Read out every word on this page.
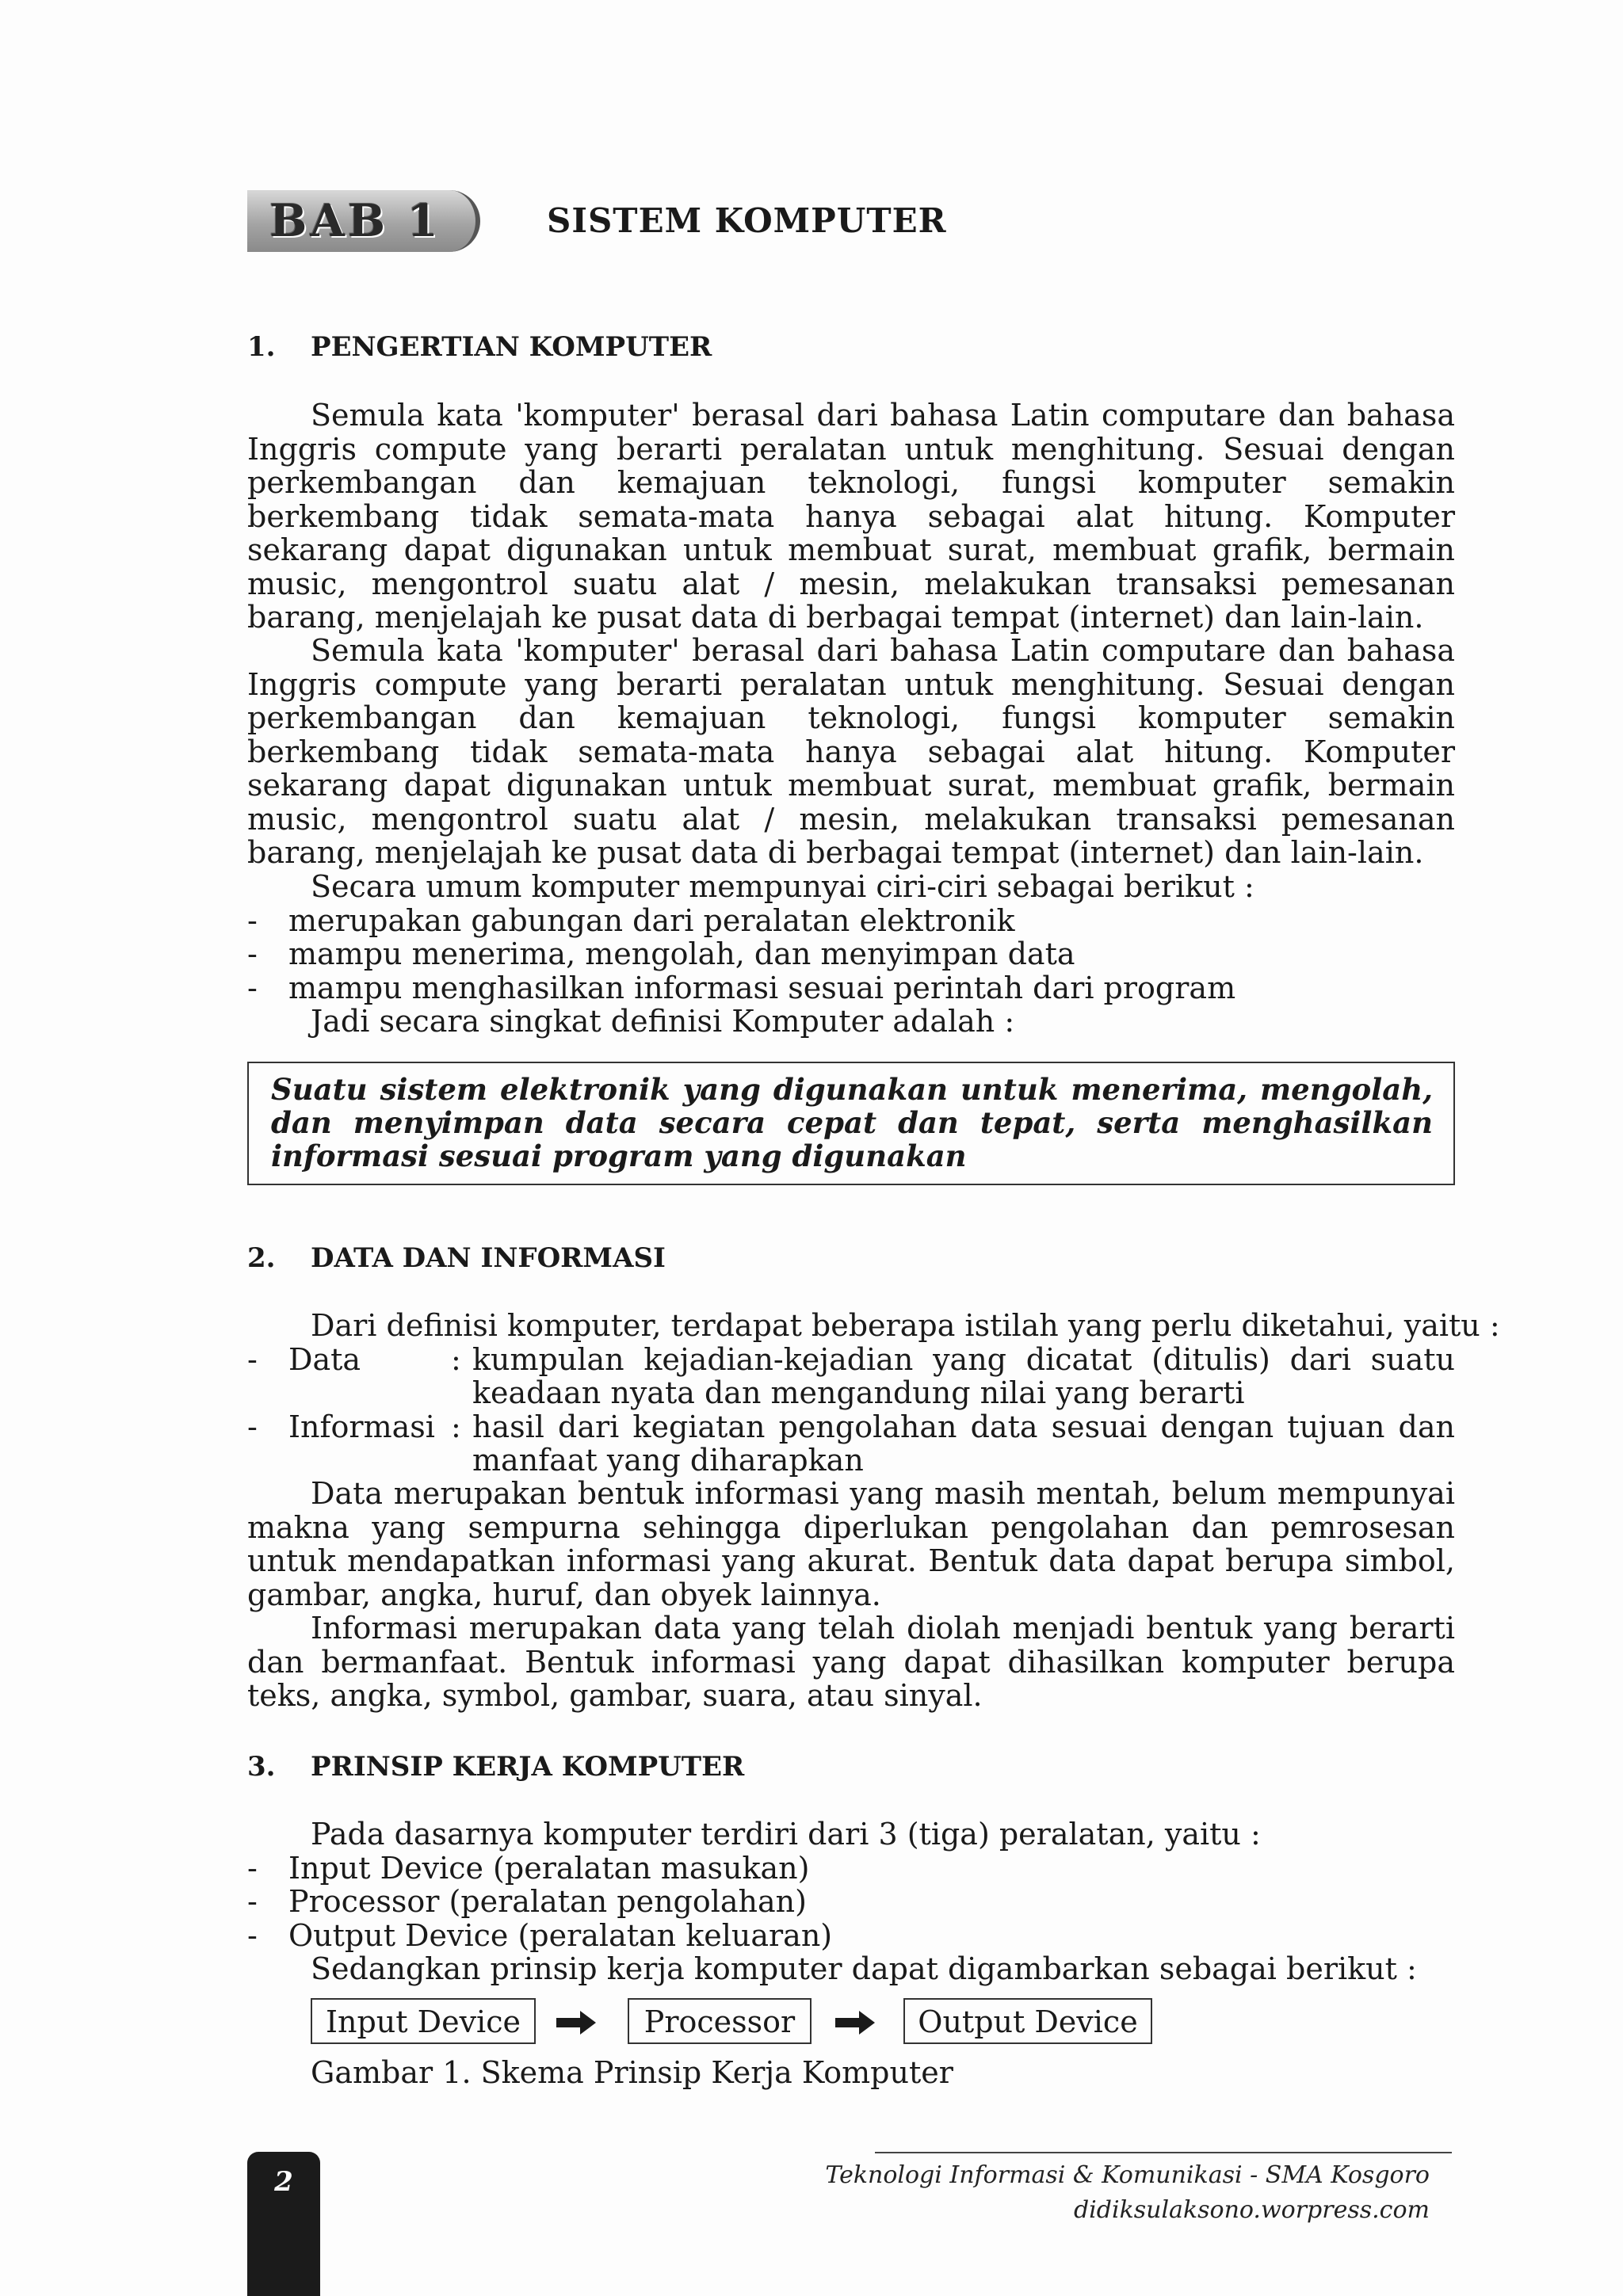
BAB 1	SISTEM KOMPUTER
1. PENGERTIAN KOMPUTER

Semula kata 'komputer' berasal dari bahasa Latin computare dan bahasa Inggris compute yang berarti peralatan untuk menghitung. Sesuai dengan perkembangan dan kemajuan teknologi, fungsi komputer semakin berkembang tidak semata-mata hanya sebagai alat hitung. Komputer sekarang dapat digunakan untuk membuat surat, membuat grafik, bermain music, mengontrol suatu alat / mesin, melakukan transaksi pemesanan barang, menjelajah ke pusat data di berbagai tempat (internet) dan lain-lain.

Semula kata 'komputer' berasal dari bahasa Latin computare dan bahasa Inggris compute yang berarti peralatan untuk menghitung. Sesuai dengan perkembangan dan kemajuan teknologi, fungsi komputer semakin berkembang tidak semata-mata hanya sebagai alat hitung. Komputer sekarang dapat digunakan untuk membuat surat, membuat grafik, bermain music, mengontrol suatu alat / mesin, melakukan transaksi pemesanan barang, menjelajah ke pusat data di berbagai tempat (internet) dan lain-lain.

Secara umum komputer mempunyai ciri-ciri sebagai berikut :
- merupakan gabungan dari peralatan elektronik
- mampu menerima, mengolah, dan menyimpan data
- mampu menghasilkan informasi sesuai perintah dari program
Jadi secara singkat definisi Komputer adalah :

Suatu sistem elektronik yang digunakan untuk menerima, mengolah, dan menyimpan data secara cepat dan tepat, serta menghasilkan informasi sesuai program yang digunakan

2. DATA DAN INFORMASI
Dari definisi komputer, terdapat beberapa istilah yang perlu diketahui, yaitu :
- Data	: kumpulan kejadian-kejadian yang dicatat (ditulis) dari suatu
keadaan nyata dan mengandung nilai yang berarti
- Informasi : hasil dari kegiatan pengolahan data sesuai dengan tujuan dan
manfaat yang diharapkan

Data merupakan bentuk informasi yang masih mentah, belum mempunyai makna yang sempurna sehingga diperlukan pengolahan dan pemrosesan untuk mendapatkan informasi yang akurat. Bentuk data dapat berupa simbol, gambar, angka, huruf, dan obyek lainnya.

Informasi merupakan data yang telah diolah menjadi bentuk yang berarti dan bermanfaat. Bentuk informasi yang dapat dihasilkan komputer berupa teks, angka, symbol, gambar, suara, atau sinyal.

3. PRINSIP KERJA KOMPUTER
Pada dasarnya komputer terdiri dari 3 (tiga) peralatan, yaitu :
- Input Device (peralatan masukan)
- Processor (peralatan pengolahan)
- Output Device (peralatan keluaran)
Sedangkan prinsip kerja komputer dapat digambarkan sebagai berikut :
Input Device	Processor	Output Device
Gambar 1. Skema Prinsip Kerja Komputer
2	Teknologi Informasi & Komunikasi - SMA Kosgoro
didiksulaksono.worpress.com
